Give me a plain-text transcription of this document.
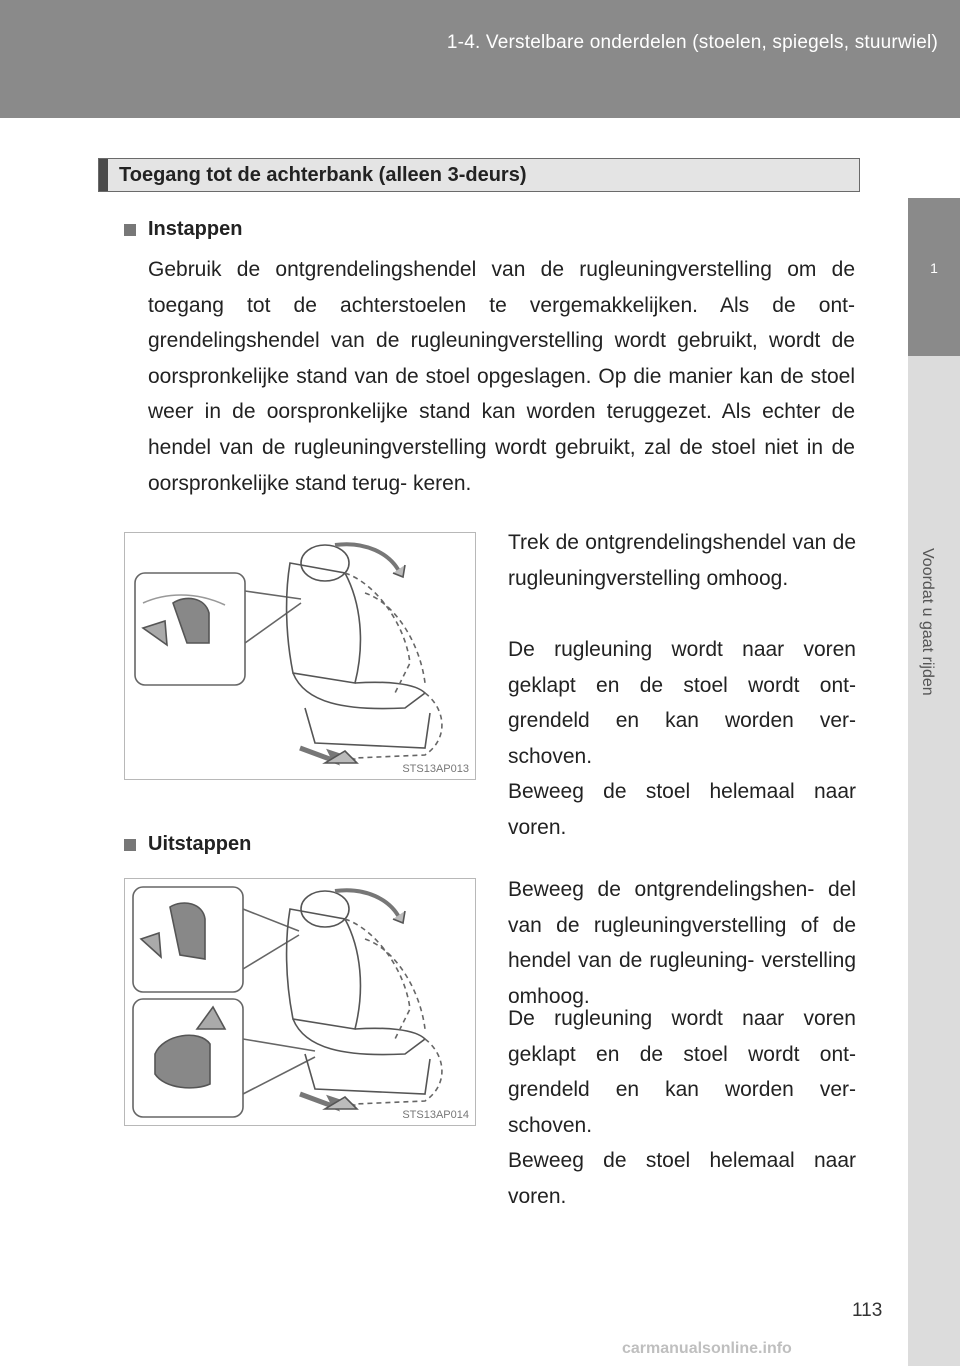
1-4. Verstelbare onderdelen (stoelen, spiegels, stuurwiel)
1
Voordat u gaat rijden
Toegang tot de achterbank (alleen 3-deurs)
Instappen
Gebruik de ontgrendelingshendel van de rugleuningverstelling om de toegang tot de achterstoelen te vergemakkelijken. Als de ont- grendelingshendel van de rugleuningverstelling wordt gebruikt, wordt de oorspronkelijke stand van de stoel opgeslagen. Op die manier kan de stoel weer in de oorspronkelijke stand kan worden teruggezet. Als echter de hendel van de rugleuningverstelling wordt gebruikt, zal de stoel niet in de oorspronkelijke stand terug- keren.
STS13AP013
Trek de ontgrendelingshendel van de rugleuningverstelling omhoog.
De rugleuning wordt naar voren geklapt en de stoel wordt ont- grendeld en kan worden ver- schoven.
Beweeg de stoel helemaal naar voren.
Uitstappen
STS13AP014
Beweeg de ontgrendelingshen- del van de rugleuningverstelling of de hendel van de rugleuning- verstelling omhoog.
De rugleuning wordt naar voren geklapt en de stoel wordt ont- grendeld en kan worden ver- schoven.
Beweeg de stoel helemaal naar voren.
113
carmanualsonline.info
